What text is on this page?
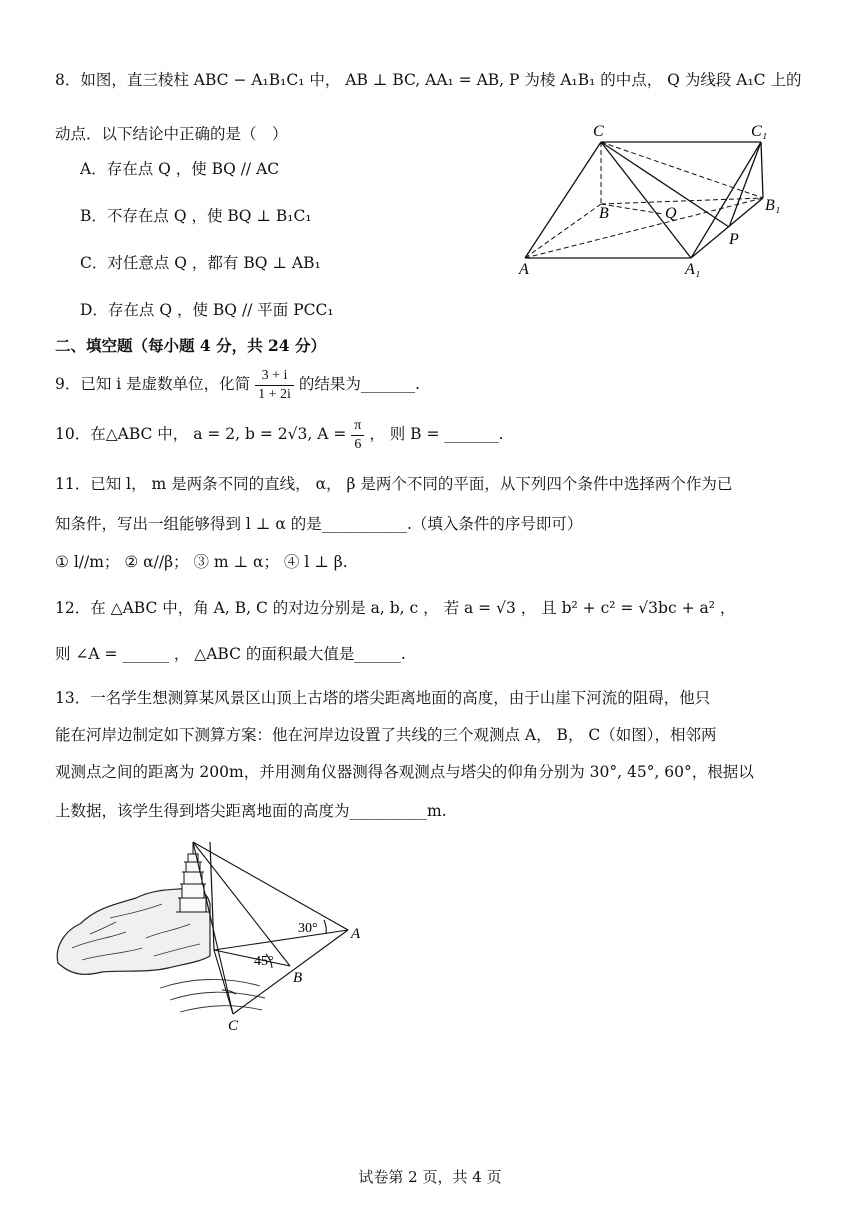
8．如图，直三棱柱 ABC − A₁B₁C₁ 中， AB ⊥ BC, AA₁ = AB, P 为棱 A₁B₁ 的中点， Q 为线段 A₁C 上的
动点．以下结论中正确的是（　）
A．存在点 Q ，使 BQ // AC
B．不存在点 Q ，使 BQ ⊥ B₁C₁
C．对任意点 Q ，都有 BQ ⊥ AB₁
D．存在点 Q ，使 BQ // 平面 PCC₁
C	C₁
B	Q	B₁
P
A	A₁
二、填空题（每小题 4 分，共 24 分）
9．已知 i 是虚数单位，化简 $\frac{3 + i}{1 + 2i}$ 的结果为_______.
10．在△ABC 中， a = 2, b = 2√3, $A = \frac{\pi}{6}$ ， 则 B = _______.
11．已知 l， m 是两条不同的直线， α， β 是两个不同的平面，从下列四个条件中选择两个作为已
知条件，写出一组能够得到 l ⊥ α 的是___________.（填入条件的序号即可）
① l//m； ② α//β； ③ m ⊥ α； ④ l ⊥ β.
12．在 △ABC 中，角 A, B, C 的对边分别是 a, b, c ， 若 a = √3 ， 且 b² + c² = √3bc + a² ，
则 ∠A = ______ ， △ABC 的面积最大值是______.
13．一名学生想测算某风景区山顶上古塔的塔尖距离地面的高度，由于山崖下河流的阻碍，他只
能在河岸边制定如下测算方案：他在河岸边设置了共线的三个观测点 A， B， C（如图），相邻两
观测点之间的距离为 200m，并用测角仪器测得各观测点与塔尖的仰角分别为 30°, 45°, 60°，根据以
上数据，该学生得到塔尖距离地面的高度为__________m.
30°
45°
A
B
C
试卷第 2 页，共 4 页
